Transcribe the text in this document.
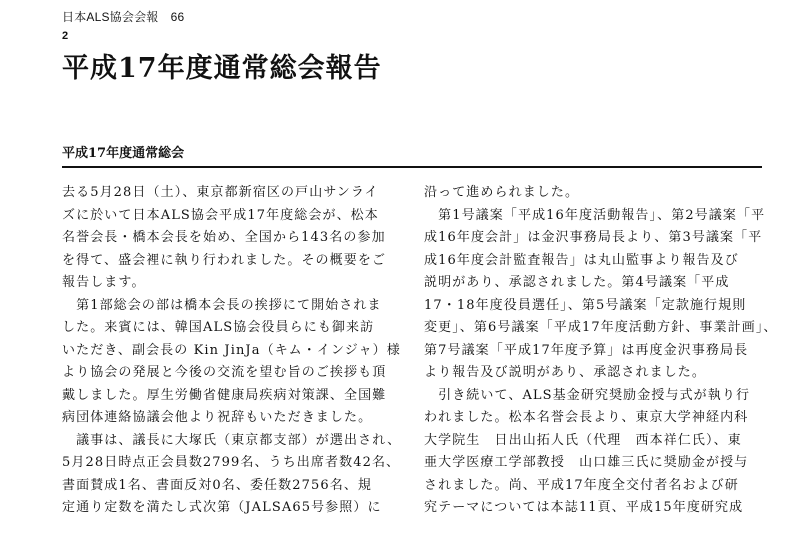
日本ALS協会会報　66
2
平成17年度通常総会報告
平成17年度通常総会
去る5月28日（土）、東京都新宿区の戸山サンライ
ズに於いて日本ALS協会平成17年度総会が、松本
名誉会長・橋本会長を始め、全国から143名の参加
を得て、盛会裡に執り行われました。その概要をご
報告します。
　第1部総会の部は橋本会長の挨拶にて開始されま
した。来賓には、韓国ALS協会役員らにも御来訪
いただき、副会長の Kin JinJa（キム・インジャ）様
より協会の発展と今後の交流を望む旨のご挨拶も頂
戴しました。厚生労働省健康局疾病対策課、全国難
病団体連絡協議会他より祝辞もいただきました。
　議事は、議長に大塚氏（東京都支部）が選出され、
5月28日時点正会員数2799名、うち出席者数42名、
書面賛成1名、書面反対0名、委任数2756名、規
定通り定数を満たし式次第（JALSA65号参照）に
沿って進められました。
　第1号議案「平成16年度活動報告」、第2号議案「平
成16年度会計」は金沢事務局長より、第3号議案「平
成16年度会計監査報告」は丸山監事より報告及び
説明があり、承認されました。第4号議案「平成
17・18年度役員選任」、第5号議案「定款施行規則
変更」、第6号議案「平成17年度活動方針、事業計画」、
第7号議案「平成17年度予算」は再度金沢事務局長
より報告及び説明があり、承認されました。
　引き続いて、ALS基金研究奨励金授与式が執り行
われました。松本名誉会長より、東京大学神経内科
大学院生　日出山拓人氏（代理　西本祥仁氏）、東
亜大学医療工学部教授　山口雄三氏に奨励金が授与
されました。尚、平成17年度全交付者名および研
究テーマについては本誌11頁、平成15年度研究成
